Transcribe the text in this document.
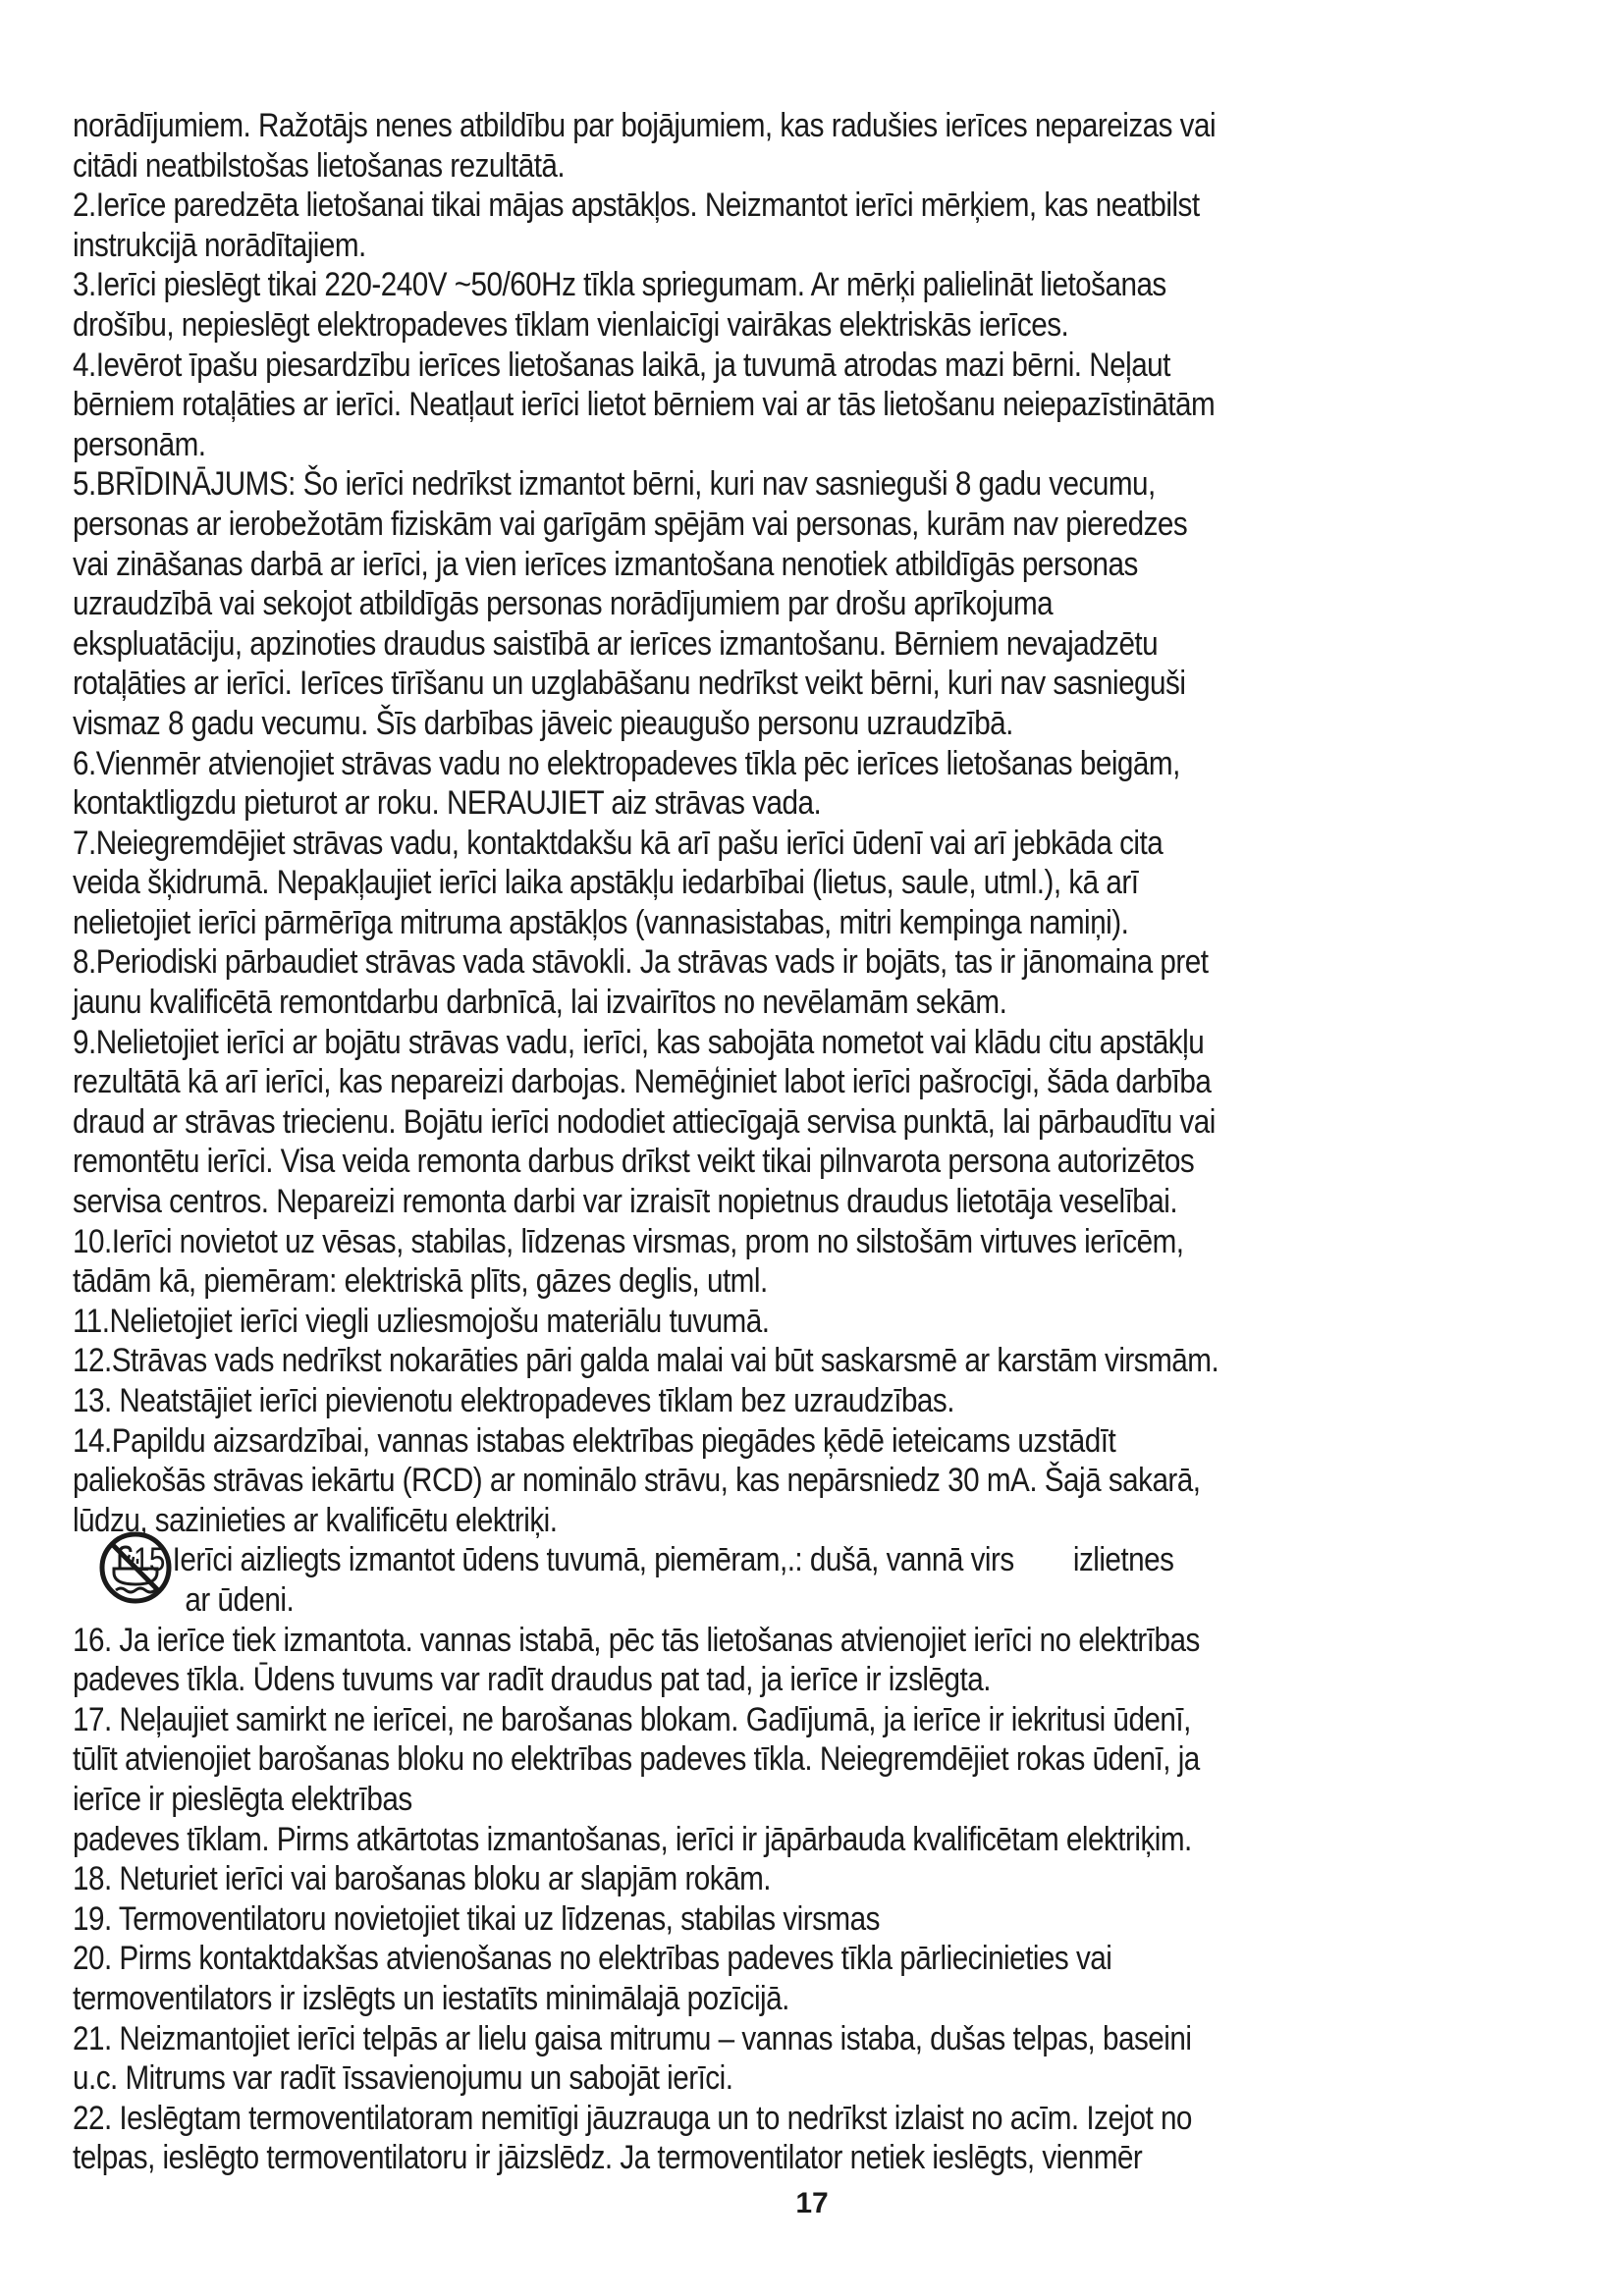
norādījumiem. Ražotājs nenes atbildību par bojājumiem, kas radušies ierīces nepareizas vai
citādi neatbilstošas lietošanas rezultātā.
2.Ierīce paredzēta lietošanai tikai mājas apstākļos. Neizmantot ierīci mērķiem, kas neatbilst
instrukcijā norādītajiem.
3.Ierīci pieslēgt tikai 220-240V ~50/60Hz tīkla spriegumam. Ar mērķi palielināt lietošanas
drošību, nepieslēgt elektropadeves tīklam vienlaicīgi vairākas elektriskās ierīces.
4.Ievērot īpašu piesardzību ierīces lietošanas laikā, ja tuvumā atrodas mazi bērni. Neļaut
bērniem rotaļāties ar ierīci. Neatļaut ierīci lietot bērniem vai ar tās lietošanu neiepazīstinātām
personām.
5.BRĪDINĀJUMS: Šo ierīci nedrīkst izmantot bērni, kuri nav sasnieguši 8 gadu vecumu,
personas ar ierobežotām fiziskām vai garīgām spējām vai personas, kurām nav pieredzes
vai zināšanas darbā ar ierīci, ja vien ierīces izmantošana nenotiek atbildīgās personas
uzraudzībā vai sekojot atbildīgās personas norādījumiem par drošu aprīkojuma
ekspluatāciju, apzinoties draudus saistībā ar ierīces izmantošanu. Bērniem nevajadzētu
rotaļāties ar ierīci. Ierīces tīrīšanu un uzglabāšanu nedrīkst veikt bērni, kuri nav sasnieguši
vismaz 8 gadu vecumu. Šīs darbības jāveic pieaugušo personu uzraudzībā.
6.Vienmēr atvienojiet strāvas vadu no elektropadeves tīkla pēc ierīces lietošanas beigām,
kontaktligzdu pieturot ar roku. NERAUJIET aiz strāvas vada.
7.Neiegremdējiet strāvas vadu, kontaktdakšu kā arī pašu ierīci ūdenī vai arī jebkāda cita
veida šķidrumā. Nepakļaujiet ierīci laika apstākļu iedarbībai (lietus, saule, utml.), kā arī
nelietojiet ierīci pārmērīga mitruma apstākļos (vannasistabas, mitri kempinga namiņi).
8.Periodiski pārbaudiet strāvas vada stāvokli. Ja strāvas vads ir bojāts, tas ir jānomaina pret
jaunu kvalificētā remontdarbu darbnīcā, lai izvairītos no nevēlamām sekām.
9.Nelietojiet ierīci ar bojātu strāvas vadu, ierīci, kas sabojāta nometot vai klādu citu apstākļu
rezultātā kā arī ierīci, kas nepareizi darbojas. Nemēģiniet labot ierīci pašrocīgi, šāda darbība
draud ar strāvas triecienu. Bojātu ierīci nododiet attiecīgajā servisa punktā, lai pārbaudītu vai
remontētu ierīci. Visa veida remonta darbus drīkst veikt tikai pilnvarota persona autorizētos
servisa centros. Nepareizi remonta darbi var izraisīt nopietnus draudus lietotāja veselībai.
10.Ierīci novietot uz vēsas, stabilas, līdzenas virsmas, prom no silstošām virtuves ierīcēm,
tādām kā, piemēram: elektriskā plīts, gāzes deglis, utml.
11.Nelietojiet ierīci viegli uzliesmojošu materiālu tuvumā.
12.Strāvas vads nedrīkst nokarāties pāri galda malai vai būt saskarsmē ar karstām virsmām.
13. Neatstājiet ierīci pievienotu elektropadeves tīklam bez uzraudzības.
14.Papildu aizsardzībai, vannas istabas elektrības piegādes ķēdē ieteicams uzstādīt
paliekošās strāvas iekārtu (RCD) ar nominālo strāvu, kas nepārsniedz 30 mA. Šajā sakarā,
lūdzu, sazinieties ar kvalificētu elektriķi.
15.Ierīci aizliegts izmantot ūdens tuvumā, piemēram,.: dušā, vannā virs izlietnes
ar ūdeni.
16. Ja ierīce tiek izmantota. vannas istabā, pēc tās lietošanas atvienojiet ierīci no elektrības
padeves tīkla. Ūdens tuvums var radīt draudus pat tad, ja ierīce ir izslēgta.
17. Neļaujiet samirkt ne ierīcei, ne barošanas blokam. Gadījumā, ja ierīce ir iekritusi ūdenī,
tūlīt atvienojiet barošanas bloku no elektrības padeves tīkla. Neiegremdējiet rokas ūdenī, ja
ierīce ir pieslēgta elektrības
padeves tīklam. Pirms atkārtotas izmantošanas, ierīci ir jāpārbauda kvalificētam elektriķim.
18. Neturiet ierīci vai barošanas bloku ar slapjām rokām.
19. Termoventilatoru novietojiet tikai uz līdzenas, stabilas virsmas
20. Pirms kontaktdakšas atvienošanas no elektrības padeves tīkla pārliecinieties vai
termoventilators ir izslēgts un iestatīts minimālajā pozīcijā.
21. Neizmantojiet ierīci telpās ar lielu gaisa mitrumu – vannas istaba, dušas telpas, baseini
u.c. Mitrums var radīt īssavienojumu un sabojāt ierīci.
22. Ieslēgtam termoventilatoram nemitīgi jāuzrauga un to nedrīkst izlaist no acīm. Izejot no
telpas, ieslēgto termoventilatoru ir jāizslēdz. Ja termoventilator netiek ieslēgts, vienmēr
17
